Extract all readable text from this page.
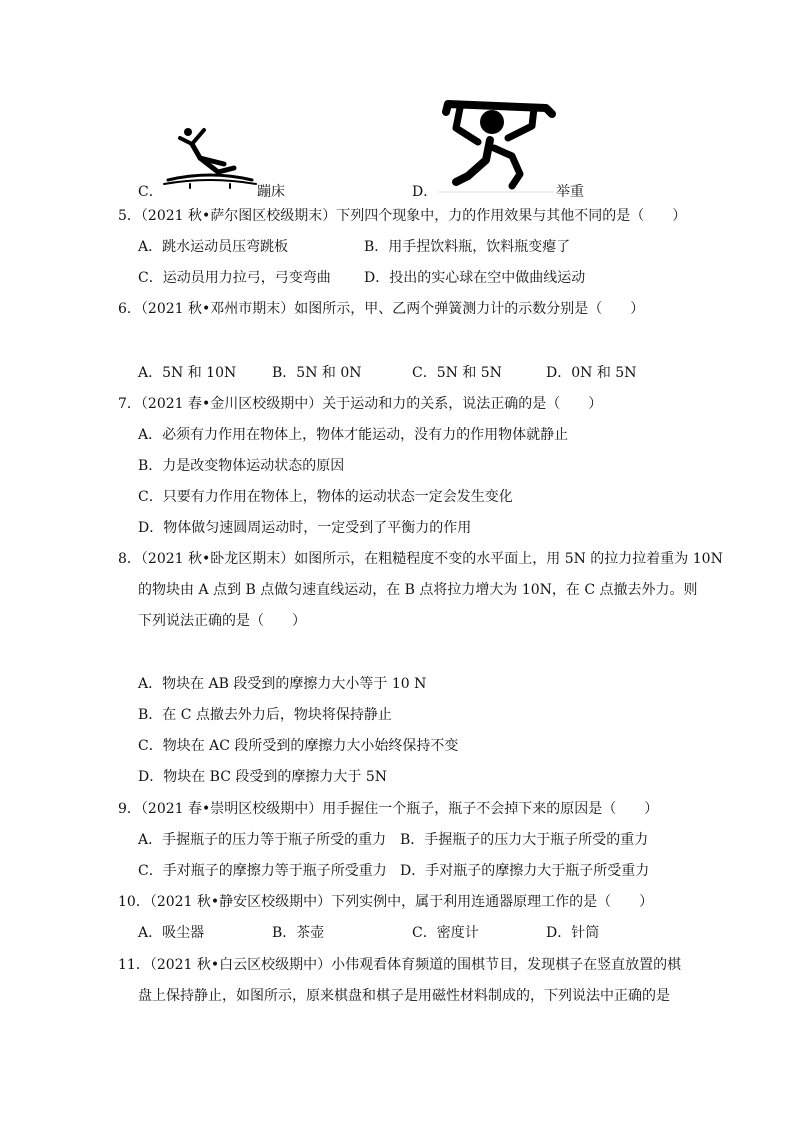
C．	蹦床	D．	举重
5．（2021 秋•萨尔图区校级期末）下列四个现象中，力的作用效果与其他不同的是（　　）
A．跳水运动员压弯跳板	B．用手捏饮料瓶，饮料瓶变瘪了
C．运动员用力拉弓，弓变弯曲 D．投出的实心球在空中做曲线运动
6．（2021 秋•邓州市期末）如图所示，甲、乙两个弹簧测力计的示数分别是（　　）
A．5N 和 10N	B．5N 和 0N	C．5N 和 5N	D．0N 和 5N
7．（2021 春•金川区校级期中）关于运动和力的关系，说法正确的是（　　）
A．必须有力作用在物体上，物体才能运动，没有力的作用物体就静止
B．力是改变物体运动状态的原因
C．只要有力作用在物体上，物体的运动状态一定会发生变化
D．物体做匀速圆周运动时，一定受到了平衡力的作用
8．（2021 秋•卧龙区期末）如图所示，在粗糙程度不变的水平面上，用 5N 的拉力拉着重为 10N
的物块由 A 点到 B 点做匀速直线运动，在 B 点将拉力增大为 10N，在 C 点撤去外力。则
下列说法正确的是（　　）
A．物块在 AB 段受到的摩擦力大小等于 10 N
B．在 C 点撤去外力后，物块将保持静止
C．物块在 AC 段所受到的摩擦力大小始终保持不变
D．物块在 BC 段受到的摩擦力大于 5N
9．（2021 春•崇明区校级期中）用手握住一个瓶子，瓶子不会掉下来的原因是（　　）
A．手握瓶子的压力等于瓶子所受的重力 B．手握瓶子的压力大于瓶子所受的重力
C．手对瓶子的摩擦力等于瓶子所受重力 D．手对瓶子的摩擦力大于瓶子所受重力
10．（2021 秋•静安区校级期中）下列实例中，属于利用连通器原理工作的是（　　）
A．吸尘器	B．茶壶	C．密度计	D．针筒
11．（2021 秋•白云区校级期中）小伟观看体育频道的围棋节目，发现棋子在竖直放置的棋
盘上保持静止，如图所示，原来棋盘和棋子是用磁性材料制成的，下列说法中正确的是
